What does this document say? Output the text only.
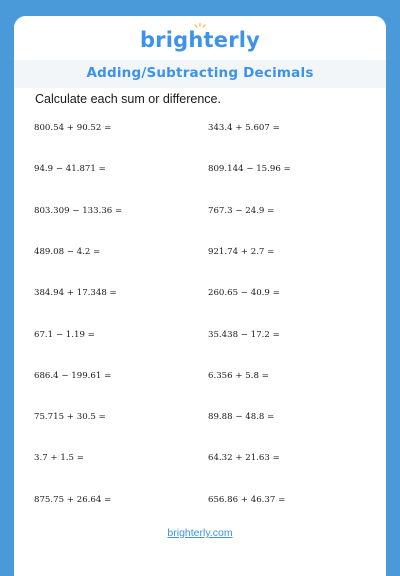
brighterly
Adding/Subtracting Decimals
Calculate each sum or difference.
800.54 + 90.52 =
94.9 − 41.871 =
803.309 − 133.36 =
489.08 − 4.2 =
384.94 + 17.348 =
67.1 − 1.19 =
686.4 − 199.61 =
75.715 + 30.5 =
3.7 + 1.5 =
875.75 + 26.64 =
343.4 + 5.607 =
809.144 − 15.96 =
767.3 − 24.9 =
921.74 + 2.7 =
260.65 − 40.9 =
35.438 − 17.2 =
6.356 + 5.8 =
89.88 − 48.8 =
64.32 + 21.63 =
656.86 + 46.37 =
brighterly.com
